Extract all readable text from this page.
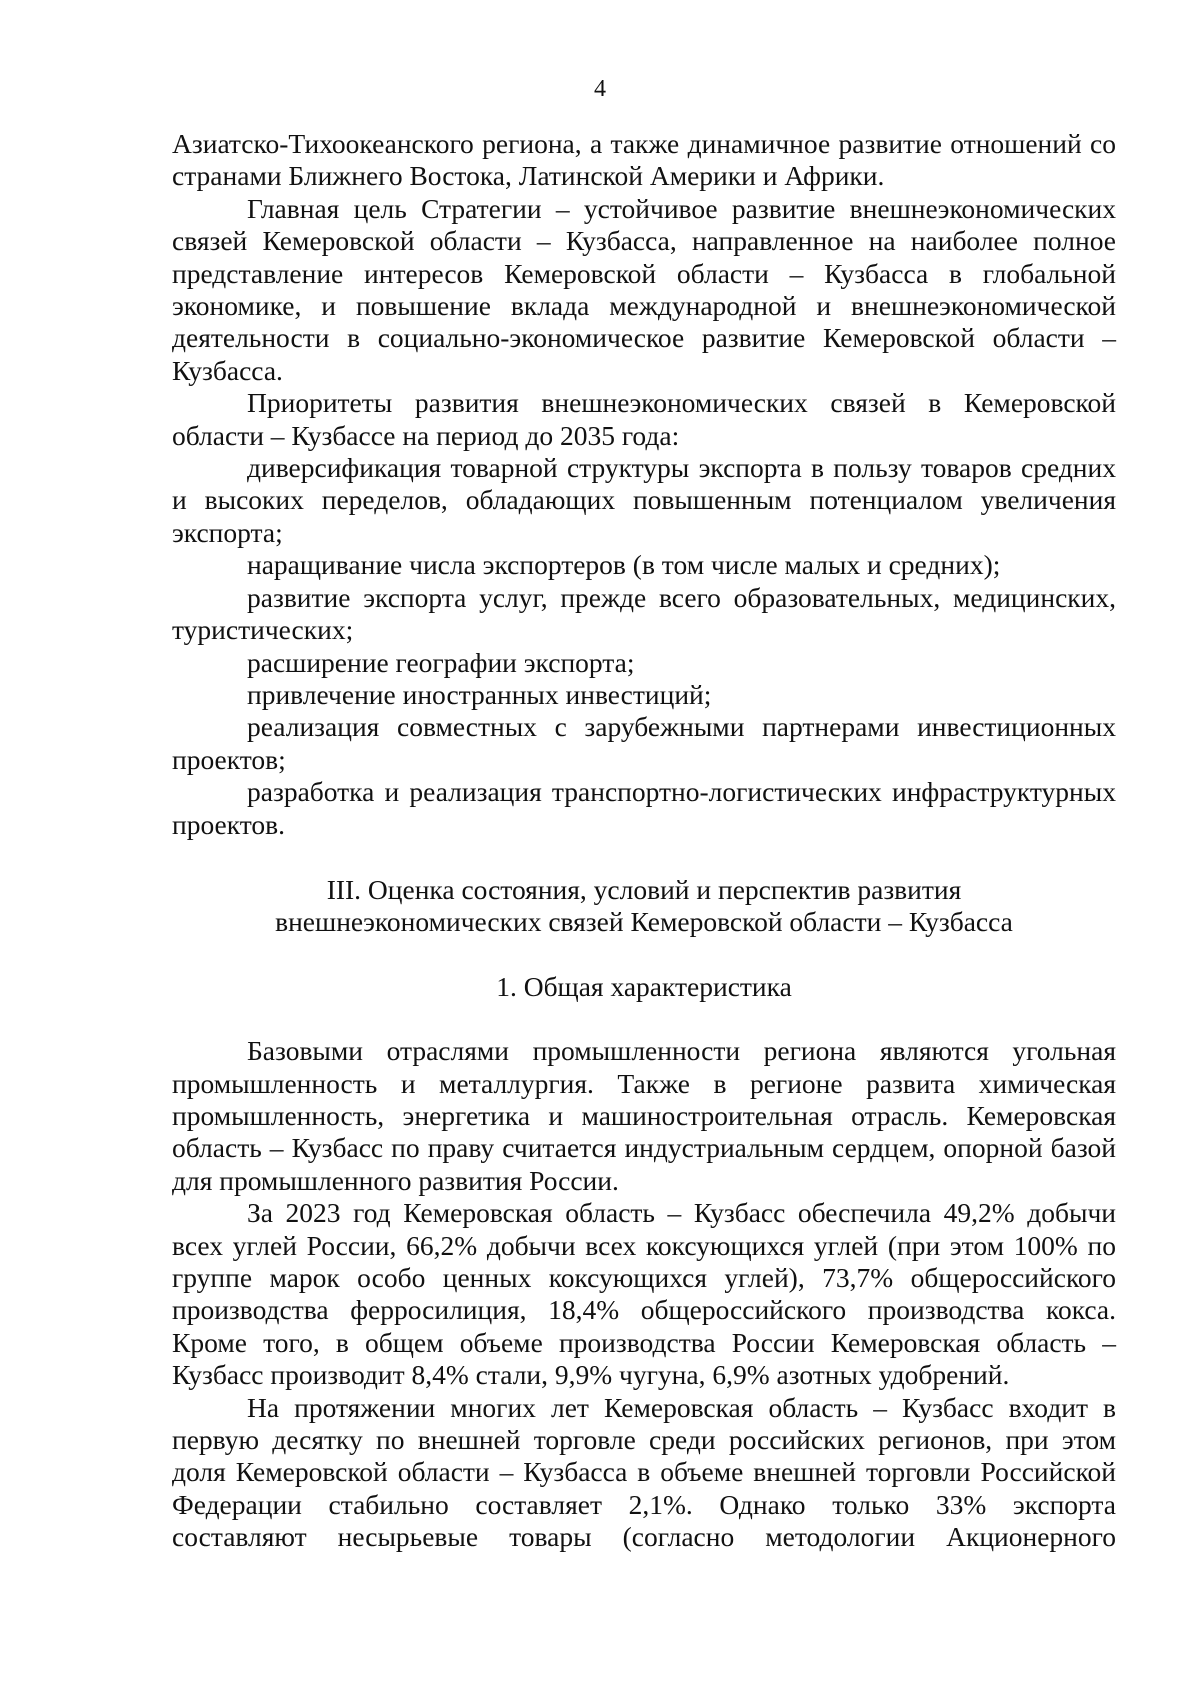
4

Азиатско-Тихоокеанского региона, а также динамичное развитие отношений со странами Ближнего Востока, Латинской Америки и Африки.

Главная цель Стратегии – устойчивое развитие внешнеэкономических связей Кемеровской области – Кузбасса, направленное на наиболее полное представление интересов Кемеровской области – Кузбасса в глобальной экономике, и повышение вклада международной и внешнеэкономической деятельности в социально-экономическое развитие Кемеровской области – Кузбасса.

Приоритеты развития внешнеэкономических связей в Кемеровской области – Кузбассе на период до 2035 года:

диверсификация товарной структуры экспорта в пользу товаров средних и высоких переделов, обладающих повышенным потенциалом увеличения экспорта;

наращивание числа экспортеров (в том числе малых и средних);

развитие экспорта услуг, прежде всего образовательных, медицинских, туристических;

расширение географии экспорта;

привлечение иностранных инвестиций;

реализация совместных с зарубежными партнерами инвестиционных проектов;

разработка и реализация транспортно-логистических инфраструктурных проектов.

III. Оценка состояния, условий и перспектив развития

внешнеэкономических связей Кемеровской области – Кузбасса

1. Общая характеристика

Базовыми отраслями промышленности региона являются угольная промышленность и металлургия. Также в регионе развита химическая промышленность, энергетика и машиностроительная отрасль. Кемеровская область – Кузбасс по праву считается индустриальным сердцем, опорной базой для промышленного развития России.

За 2023 год Кемеровская область – Кузбасс обеспечила 49,2% добычи всех углей России, 66,2% добычи всех коксующихся углей (при этом 100% по группе марок особо ценных коксующихся углей), 73,7% общероссийского производства ферросилиция, 18,4% общероссийского производства кокса. Кроме того, в общем объеме производства России Кемеровская область – Кузбасс производит 8,4% стали, 9,9% чугуна, 6,9% азотных удобрений.

На протяжении многих лет Кемеровская область – Кузбасс входит в первую десятку по внешней торговле среди российских регионов, при этом доля Кемеровской области – Кузбасса в объеме внешней торговли Российской Федерации стабильно составляет 2,1%. Однако только 33% экспорта составляют несырьевые товары (согласно методологии Акционерного
